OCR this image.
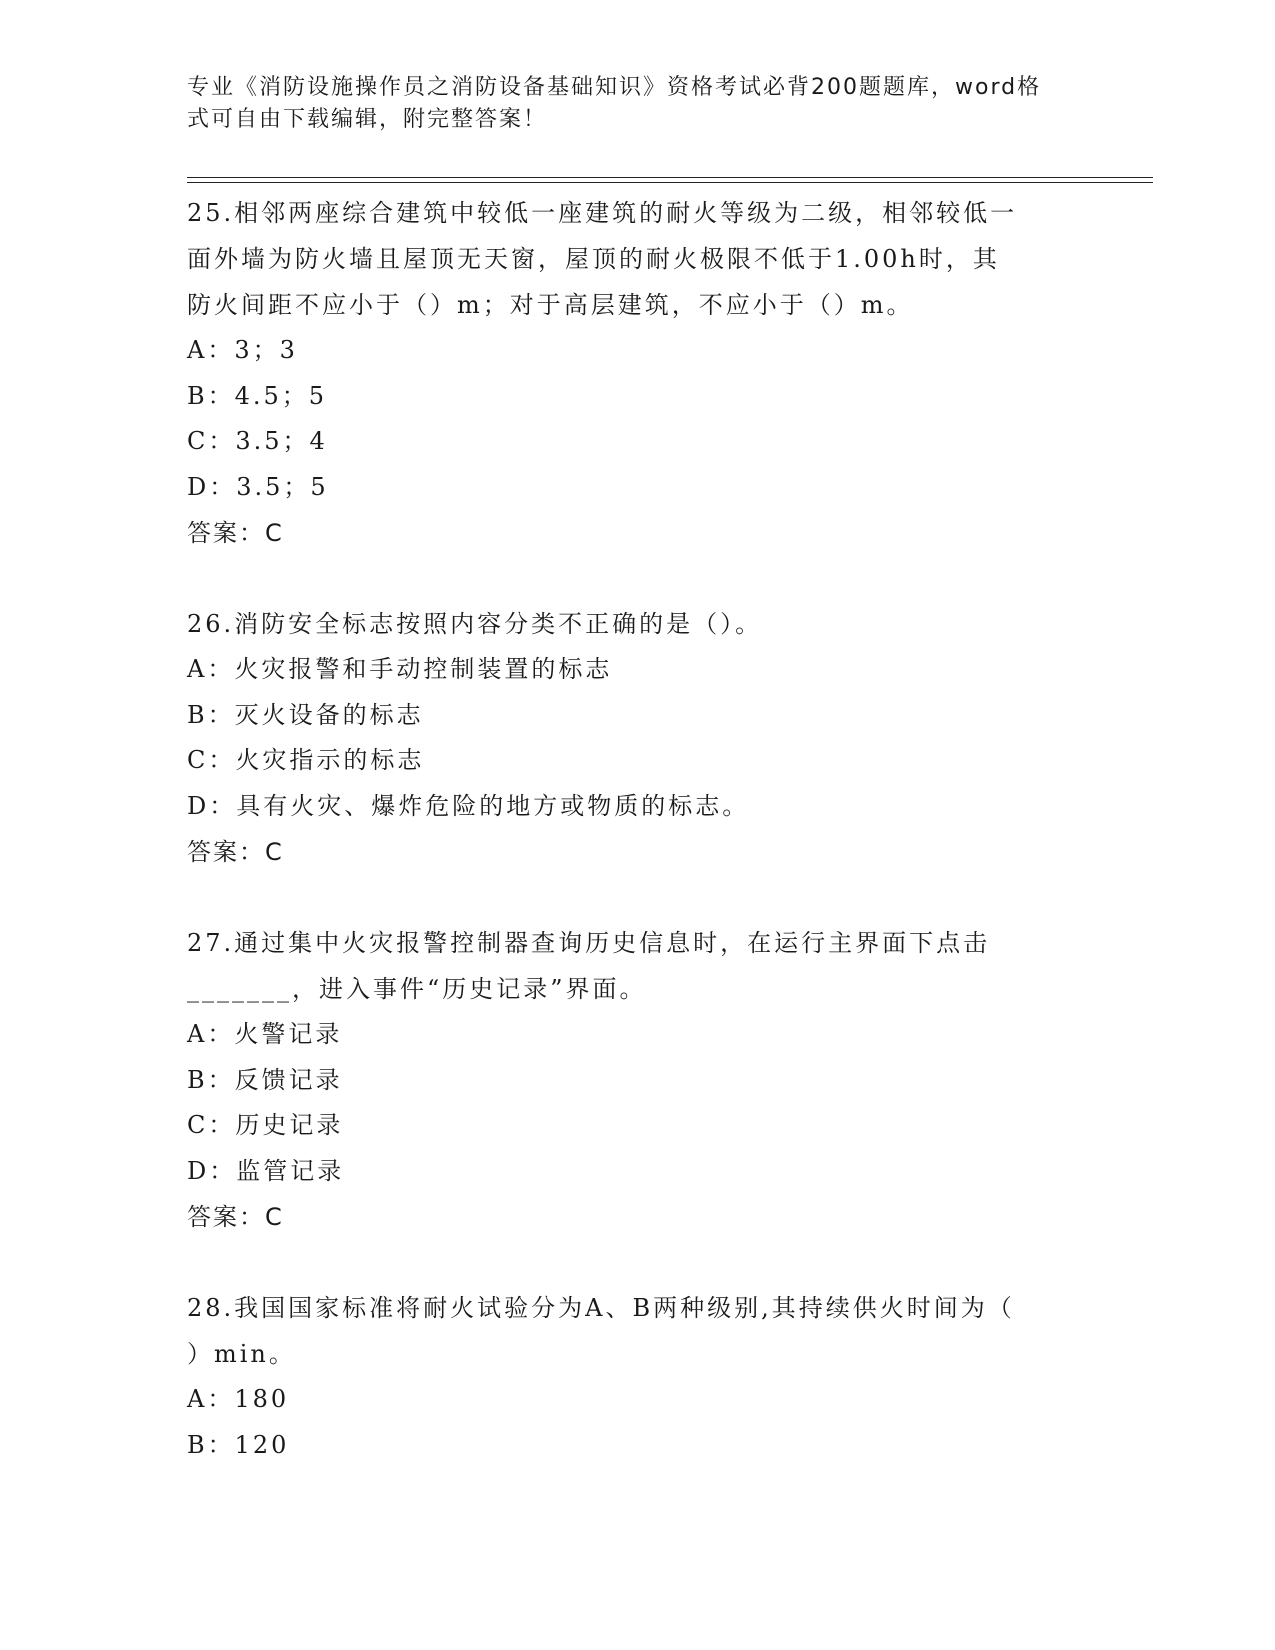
专业《消防设施操作员之消防设备基础知识》资格考试必背200题题库，word格
式可自由下载编辑，附完整答案！

25.相邻两座综合建筑中较低一座建筑的耐火等级为二级，相邻较低一

面外墙为防火墙且屋顶无天窗，屋顶的耐火极限不低于1.00h时，其

防火间距不应小于（）m；对于高层建筑，不应小于（）m。

A：3；3

B：4.5；5

C：3.5；4

D：3.5；5

答案：C

26.消防安全标志按照内容分类不正确的是（）。

A：火灾报警和手动控制装置的标志

B：灭火设备的标志

C：火灾指示的标志

D：具有火灾、爆炸危险的地方或物质的标志。

答案：C

27.通过集中火灾报警控制器查询历史信息时，在运行主界面下点击

_______，进入事件“历史记录”界面。

A：火警记录

B：反馈记录

C：历史记录

D：监管记录

答案：C

28.我国国家标准将耐火试验分为A、B两种级别,其持续供火时间为（

）min。

A：180

B：120
